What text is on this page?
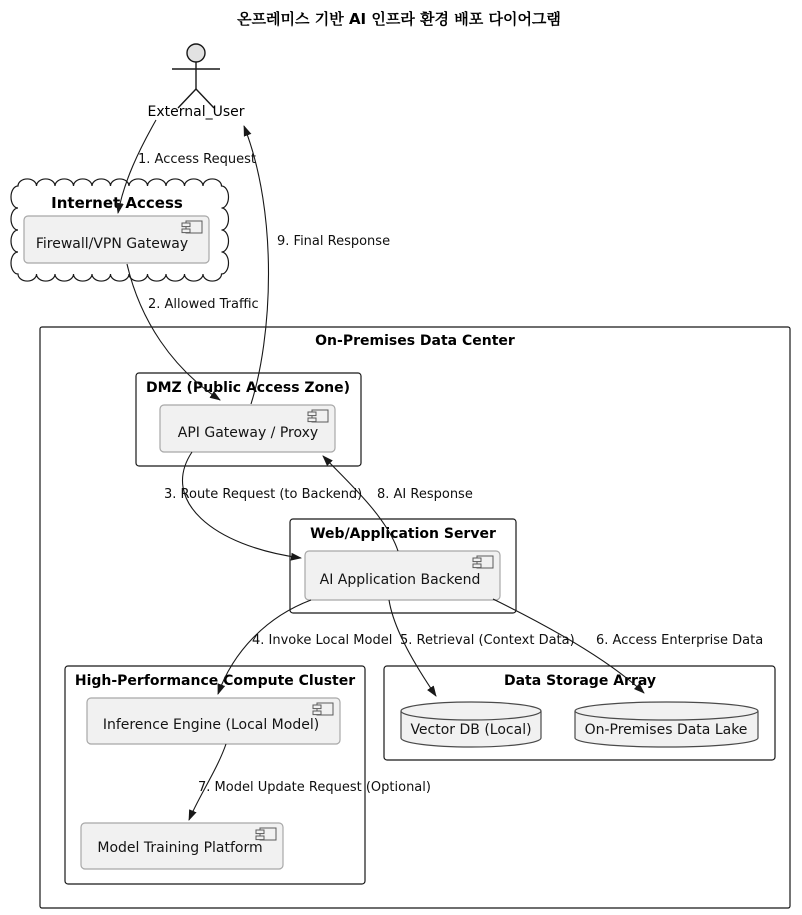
온프레미스 기반 AI 인프라 환경 배포 다이어그램
External_User
Internet Access
Firewall/VPN Gateway
On-Premises Data Center
DMZ (Public Access Zone)
API Gateway / Proxy
Web/Application Server
AI Application Backend
High-Performance Compute Cluster
Inference Engine (Local Model)
Model Training Platform
Data Storage Array
Vector DB (Local)	On-Premises Data Lake
1. Access Request
2. Allowed Traffic
3. Route Request (to Backend)
4. Invoke Local Model 5. Retrieval (Context Data) 6. Access Enterprise Data
7. Model Update Request (Optional)
8. AI Response
9. Final Response
